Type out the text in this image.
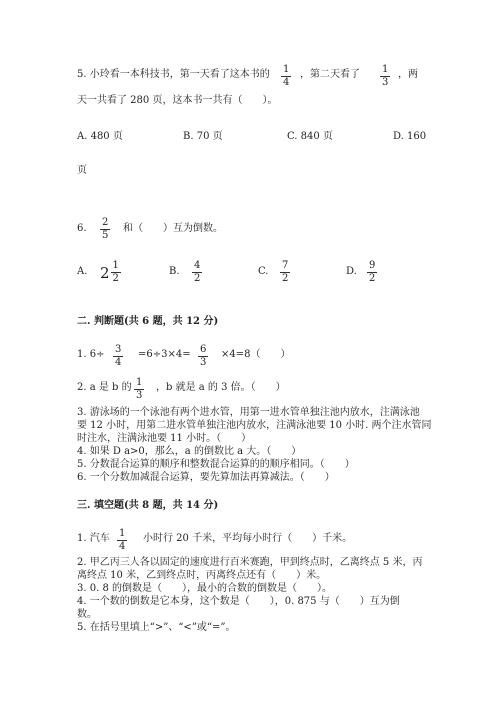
5. 小玲看一本科技书，第一天看了这本书的 1
4
，第二天看了 1
3
，两
天一共看了 280 页，这本书一共有（　　）。
A. 480 页	B. 70 页	C. 840 页	D. 160
页
6.
2
5
和（　　）互为倒数。
A. $2 \frac{1}{2}$	B.
4
2
C.
7
2
D.
9
2
二. 判断题(共 6 题，共 12 分)
1. 6÷ 3
4
=6÷3×4= 6
3
×4=8（　　）
2. a 是 b 的 1
3
，b 就是 a 的 3 倍。（　　）
3. 游泳场的一个泳池有两个进水管，用第一进水管单独注池内放水，注满泳池
要 12 小时，用第二进水管单独注池内放水，注满泳池要 10 小时. 两个注水管同
时注水，注满泳池要 11 小时。（　　）
4. 如果 D a>0，那么，a 的倒数比 a 大。（　　）
5. 分数混合运算的顺序和整数混合运算的的顺序相同。（　　）
6. 一个分数加减混合运算，要先算加法再算减法。（　　）
三. 填空题(共 8 题，共 14 分)
1. 汽车 1
4
小时行 20 千米，平均每小时行（　　）千米。
2. 甲乙丙三人各以固定的速度进行百米赛跑，甲到终点时，乙离终点 5 米，丙
离终点 10 米，乙到终点时，丙离终点还有（　　）米。
3. 0. 8 的倒数是（　　），最小的合数的倒数是（　　）。
4. 一个数的倒数是它本身，这个数是（　　），0. 875 与（　　）互为倒
数。
5. 在括号里填上“>”、“<”或“=”。
